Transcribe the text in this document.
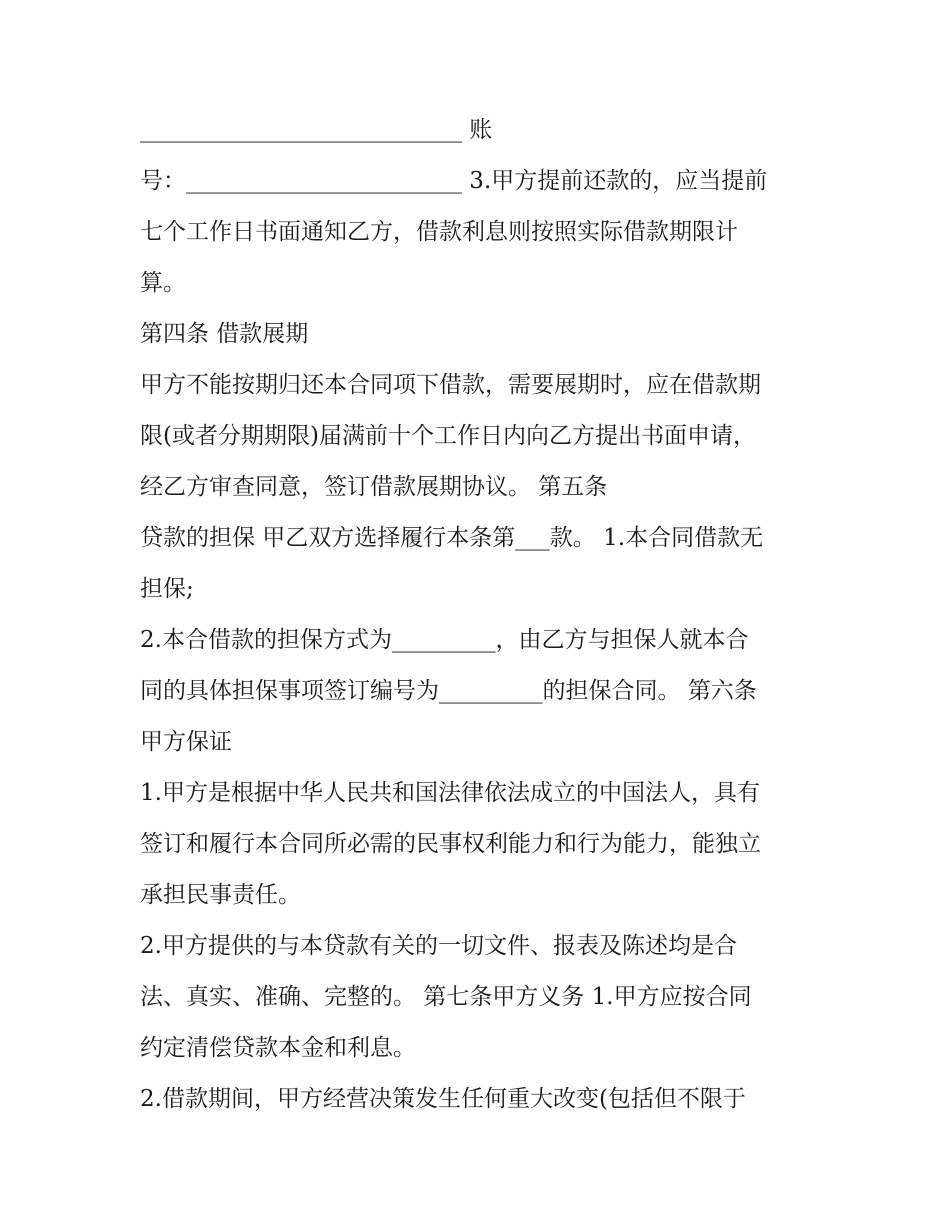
____________________________ 账
号：________________________ 3.甲方提前还款的，应当提前
七个工作日书面通知乙方，借款利息则按照实际借款期限计
算。
第四条 借款展期
甲方不能按期归还本合同项下借款，需要展期时，应在借款期
限(或者分期期限)届满前十个工作日内向乙方提出书面申请，
经乙方审查同意，签订借款展期协议。 第五条
贷款的担保 甲乙双方选择履行本条第___款。 1.本合同借款无
担保;
2.本合借款的担保方式为_________，由乙方与担保人就本合
同的具体担保事项签订编号为_________的担保合同。 第六条
甲方保证
1.甲方是根据中华人民共和国法律依法成立的中国法人，具有
签订和履行本合同所必需的民事权利能力和行为能力，能独立
承担民事责任。
2.甲方提供的与本贷款有关的一切文件、报表及陈述均是合
法、真实、准确、完整的。 第七条甲方义务 1.甲方应按合同
约定清偿贷款本金和利息。
2.借款期间，甲方经营决策发生任何重大改变(包括但不限于
